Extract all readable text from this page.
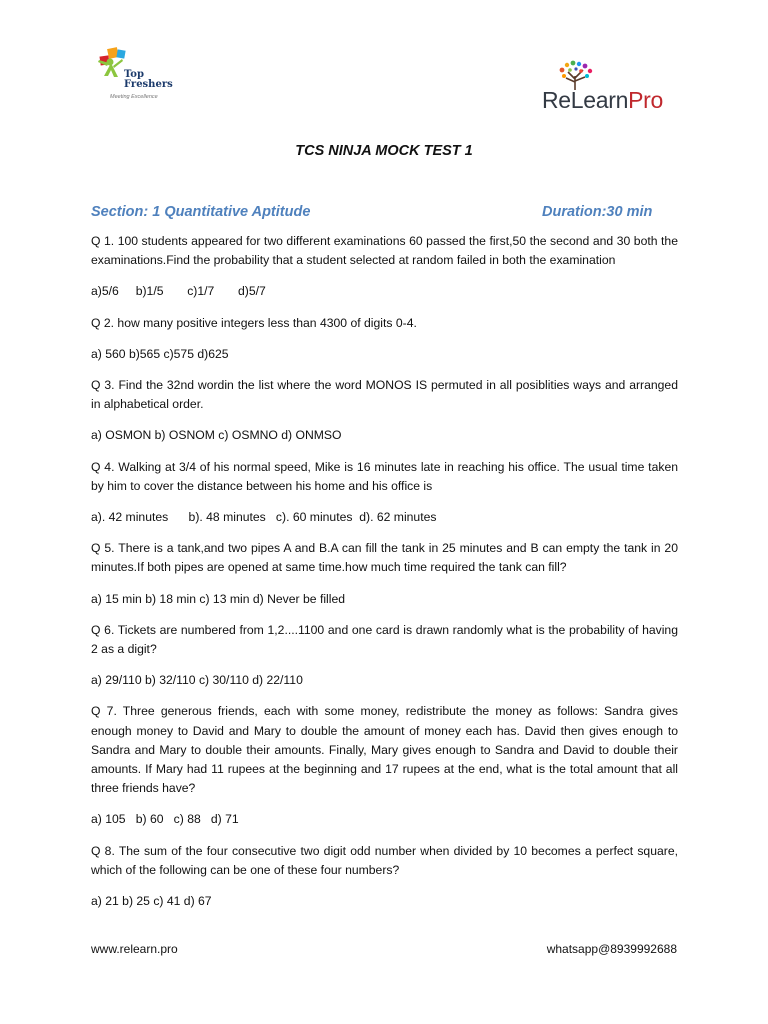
Top
Freshers
Meeting Excellence	ReLearnPro
TCS NINJA MOCK TEST 1
Section: 1 Quantitative Aptitude	Duration:30 min

Q 1. 100 students appeared for two different examinations 60 passed the first,50 the second and 30 both the examinations.Find the probability that a student selected at random failed in both the examination

a)5/6     b)1/5       c)1/7       d)5/7

Q 2. how many positive integers less than 4300 of digits 0-4.

a) 560 b)565 c)575 d)625

Q 3. Find the 32nd wordin the list where the word MONOS IS permuted in all posiblities ways and arranged in alphabetical order.

a) OSMON b) OSNOM c) OSMNO d) ONMSO

Q 4. Walking at 3/4 of his normal speed, Mike is 16 minutes late in reaching his office. The usual time taken by him to cover the distance between his home and his office is

a). 42 minutes      b). 48 minutes   c). 60 minutes  d). 62 minutes

Q 5. There is a tank,and two pipes A and B.A can fill the tank in 25 minutes and B can empty the tank in 20 minutes.If both pipes are opened at same time.how much time required the tank can fill?

a) 15 min b) 18 min c) 13 min d) Never be filled

Q 6. Tickets are numbered from 1,2....1100 and one card is drawn randomly what is the probability of having 2 as a digit?

a) 29/110 b) 32/110 c) 30/110 d) 22/110

Q 7. Three generous friends, each with some money, redistribute the money as follows: Sandra gives enough money to David and Mary to double the amount of money each has. David then gives enough to Sandra and Mary to double their amounts. Finally, Mary gives enough to Sandra and David to double their amounts. If Mary had 11 rupees at the beginning and 17 rupees at the end, what is the total amount that all three friends have?

a) 105   b) 60   c) 88   d) 71

Q 8. The sum of the four consecutive two digit odd number when divided by 10 becomes a perfect square, which of the following can be one of these four numbers?

a) 21 b) 25 c) 41 d) 67

www.relearn.pro	whatsapp@8939992688
